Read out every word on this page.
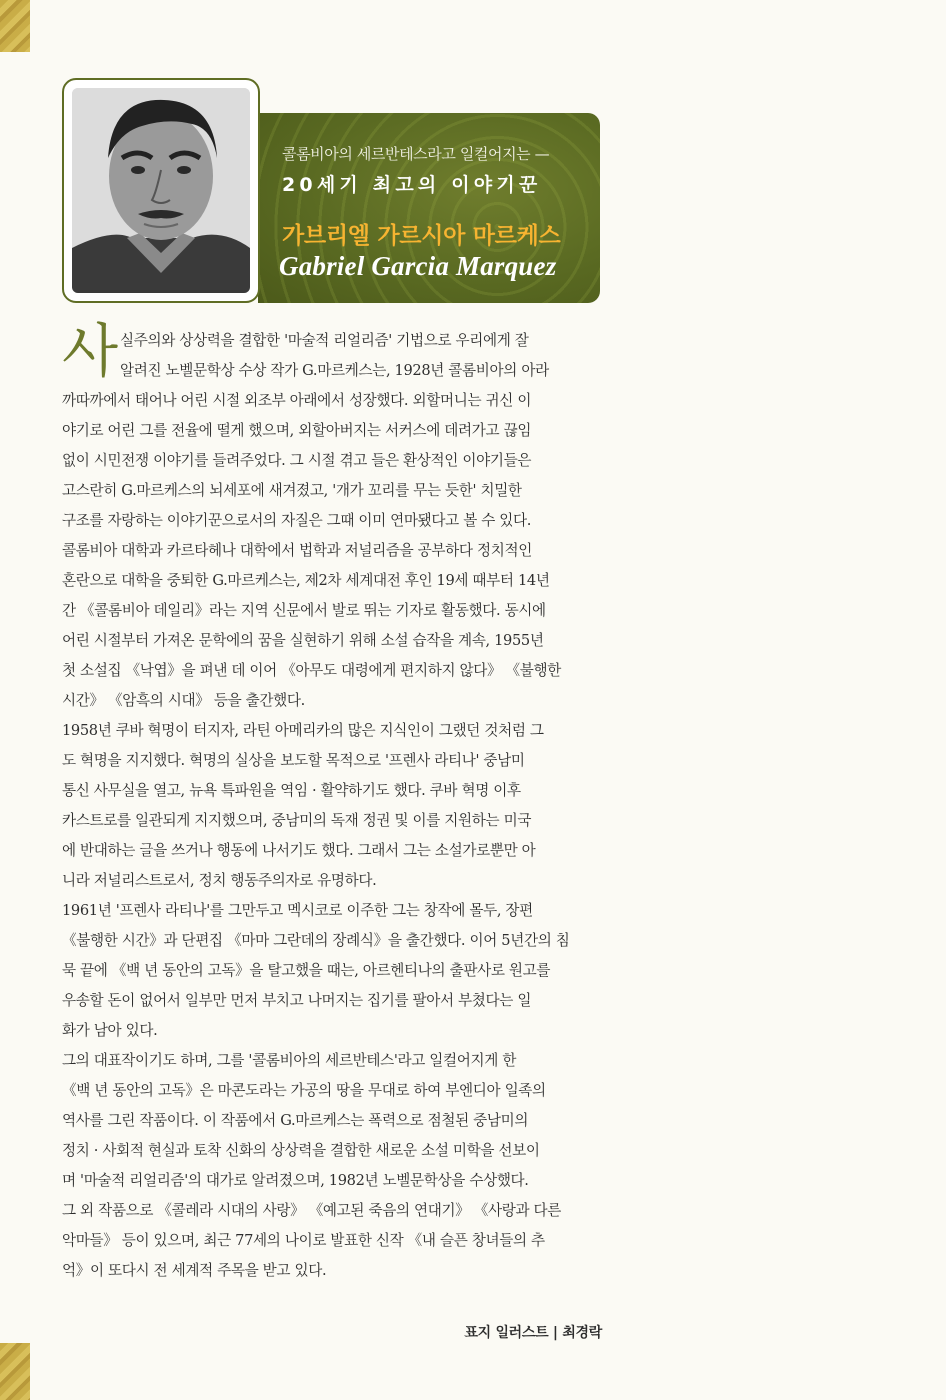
콜롬비아의 세르반테스라고 일컬어지는 —
20세기 최고의 이야기꾼
가브리엘 가르시아 마르케스
Gabriel Garcia Marquez
사 실주의와 상상력을 결합한 '마술적 리얼리즘' 기법으로 우리에게 잘
알려진 노벨문학상 수상 작가 G.마르케스는, 1928년 콜롬비아의 아라
까따까에서 태어나 어린 시절 외조부 아래에서 성장했다. 외할머니는 귀신 이
야기로 어린 그를 전율에 떨게 했으며, 외할아버지는 서커스에 데려가고 끊임
없이 시민전쟁 이야기를 들려주었다. 그 시절 겪고 들은 환상적인 이야기들은
고스란히 G.마르케스의 뇌세포에 새겨졌고, '개가 꼬리를 무는 듯한' 치밀한
구조를 자랑하는 이야기꾼으로서의 자질은 그때 이미 연마됐다고 볼 수 있다.
콜롬비아 대학과 카르타헤나 대학에서 법학과 저널리즘을 공부하다 정치적인
혼란으로 대학을 중퇴한 G.마르케스는, 제2차 세계대전 후인 19세 때부터 14년
간 《콜롬비아 데일리》라는 지역 신문에서 발로 뛰는 기자로 활동했다. 동시에
어린 시절부터 가져온 문학에의 꿈을 실현하기 위해 소설 습작을 계속, 1955년
첫 소설집 《낙엽》을 펴낸 데 이어 《아무도 대령에게 편지하지 않다》 《불행한
시간》 《암흑의 시대》 등을 출간했다.
1958년 쿠바 혁명이 터지자, 라틴 아메리카의 많은 지식인이 그랬던 것처럼 그
도 혁명을 지지했다. 혁명의 실상을 보도할 목적으로 '프렌사 라티나' 중남미
통신 사무실을 열고, 뉴욕 특파원을 역임 · 활약하기도 했다. 쿠바 혁명 이후
카스트로를 일관되게 지지했으며, 중남미의 독재 정권 및 이를 지원하는 미국
에 반대하는 글을 쓰거나 행동에 나서기도 했다. 그래서 그는 소설가로뿐만 아
니라 저널리스트로서, 정치 행동주의자로 유명하다.
1961년 '프렌사 라티나'를 그만두고 멕시코로 이주한 그는 창작에 몰두, 장편
《불행한 시간》과 단편집 《마마 그란데의 장례식》을 출간했다. 이어 5년간의 침
묵 끝에 《백 년 동안의 고독》을 탈고했을 때는, 아르헨티나의 출판사로 원고를
우송할 돈이 없어서 일부만 먼저 부치고 나머지는 집기를 팔아서 부쳤다는 일
화가 남아 있다.
그의 대표작이기도 하며, 그를 '콜롬비아의 세르반테스'라고 일컬어지게 한
《백 년 동안의 고독》은 마콘도라는 가공의 땅을 무대로 하여 부엔디아 일족의
역사를 그린 작품이다. 이 작품에서 G.마르케스는 폭력으로 점철된 중남미의
정치 · 사회적 현실과 토착 신화의 상상력을 결합한 새로운 소설 미학을 선보이
며 '마술적 리얼리즘'의 대가로 알려졌으며, 1982년 노벨문학상을 수상했다.
그 외 작품으로 《콜레라 시대의 사랑》 《예고된 죽음의 연대기》 《사랑과 다른
악마들》 등이 있으며, 최근 77세의 나이로 발표한 신작 《내 슬픈 창녀들의 추
억》이 또다시 전 세계적 주목을 받고 있다.
표지 일러스트 | 최경락
